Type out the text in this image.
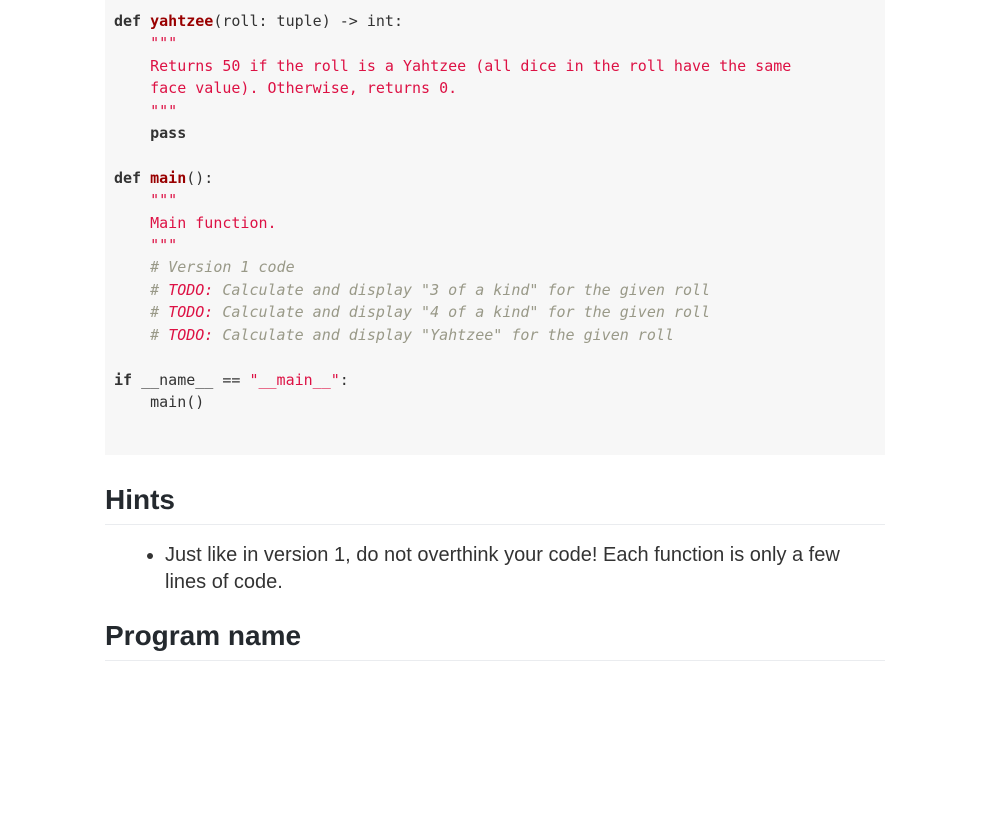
def yahtzee(roll: tuple) -> int:
"""
Returns 50 if the roll is a Yahtzee (all dice in the roll have the same
face value). Otherwise, returns 0.
"""
pass

def main():
"""
Main function.
"""
# Version 1 code
# TODO: Calculate and display "3 of a kind" for the given roll
# TODO: Calculate and display "4 of a kind" for the given roll
# TODO: Calculate and display "Yahtzee" for the given roll

if __name__ == "__main__":
main()
Hints
• Just like in version 1, do not overthink your code! Each function is only a few lines of code.
Program name
